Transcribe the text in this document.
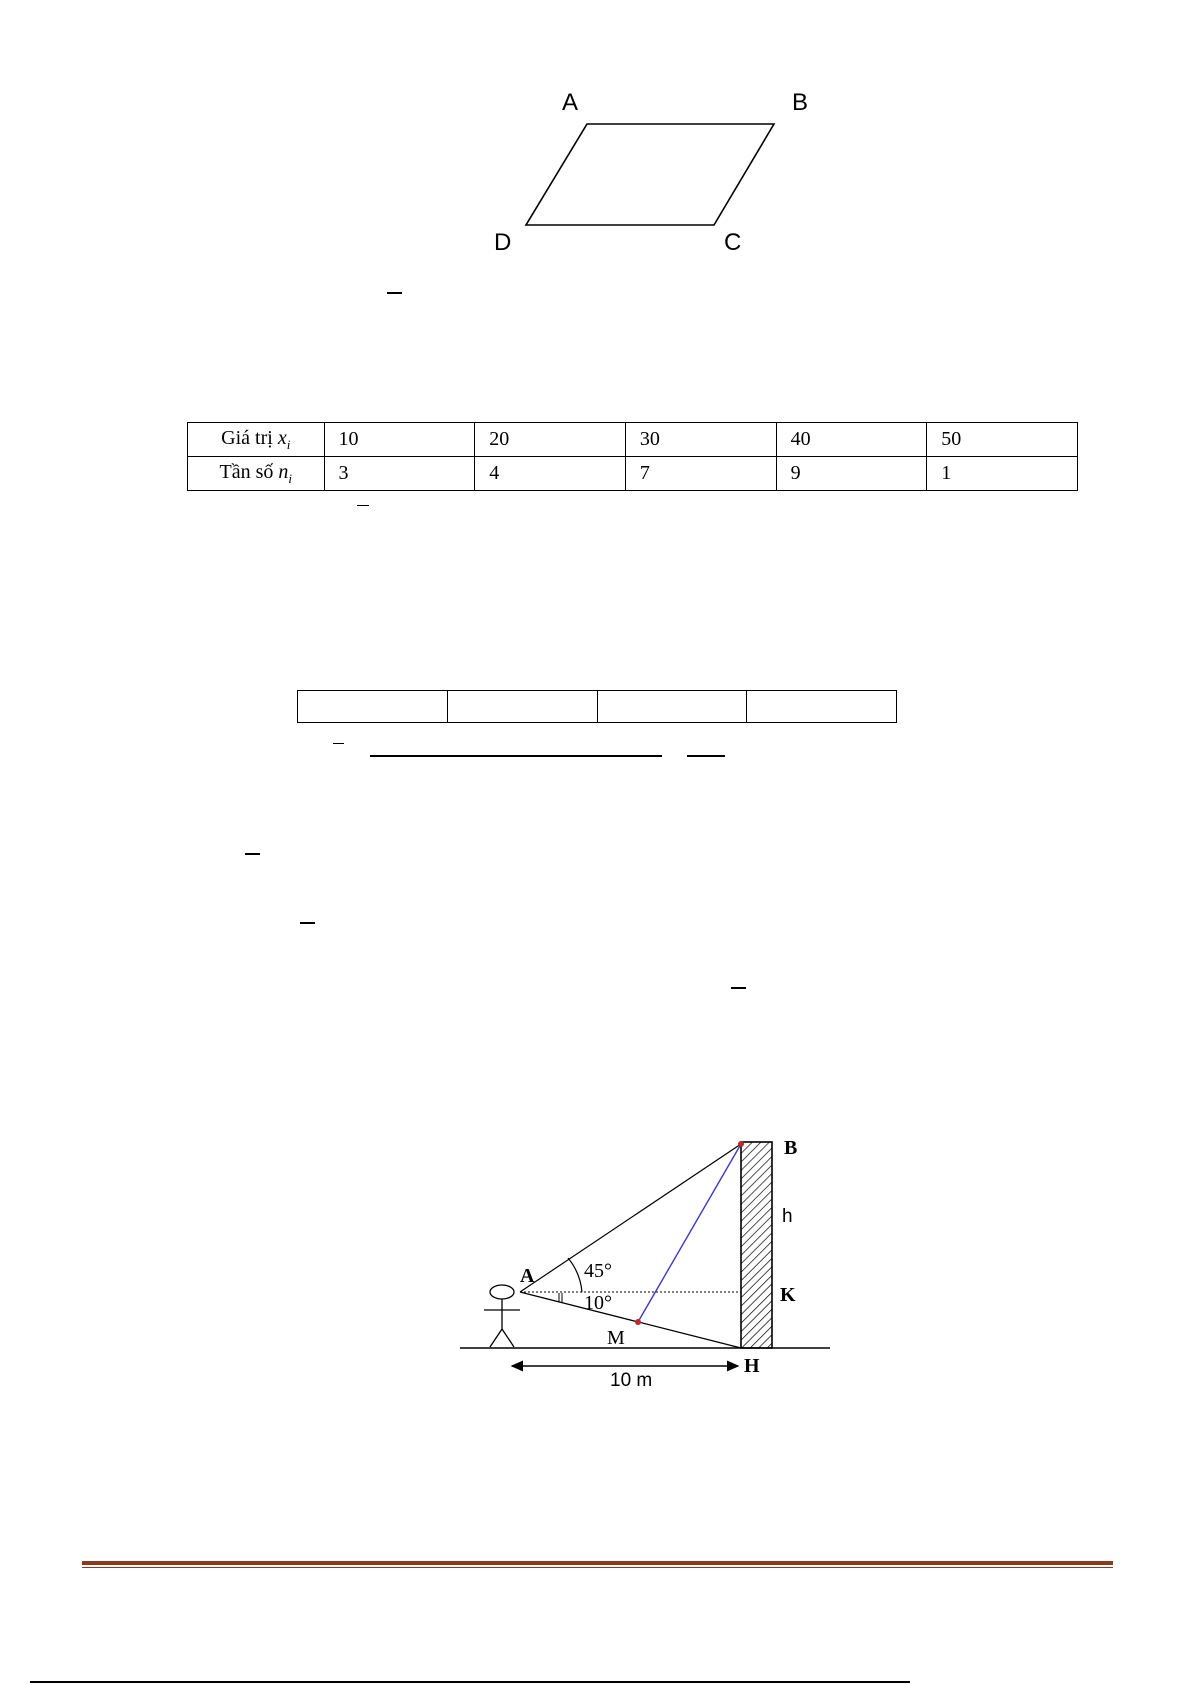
A	B
C
D
Giá trị $x_i$	10	20	30	40	50
Tần số $n_i$	3	4	7	9	1

A
B
h
K
H
M
45°
10°
10 m
